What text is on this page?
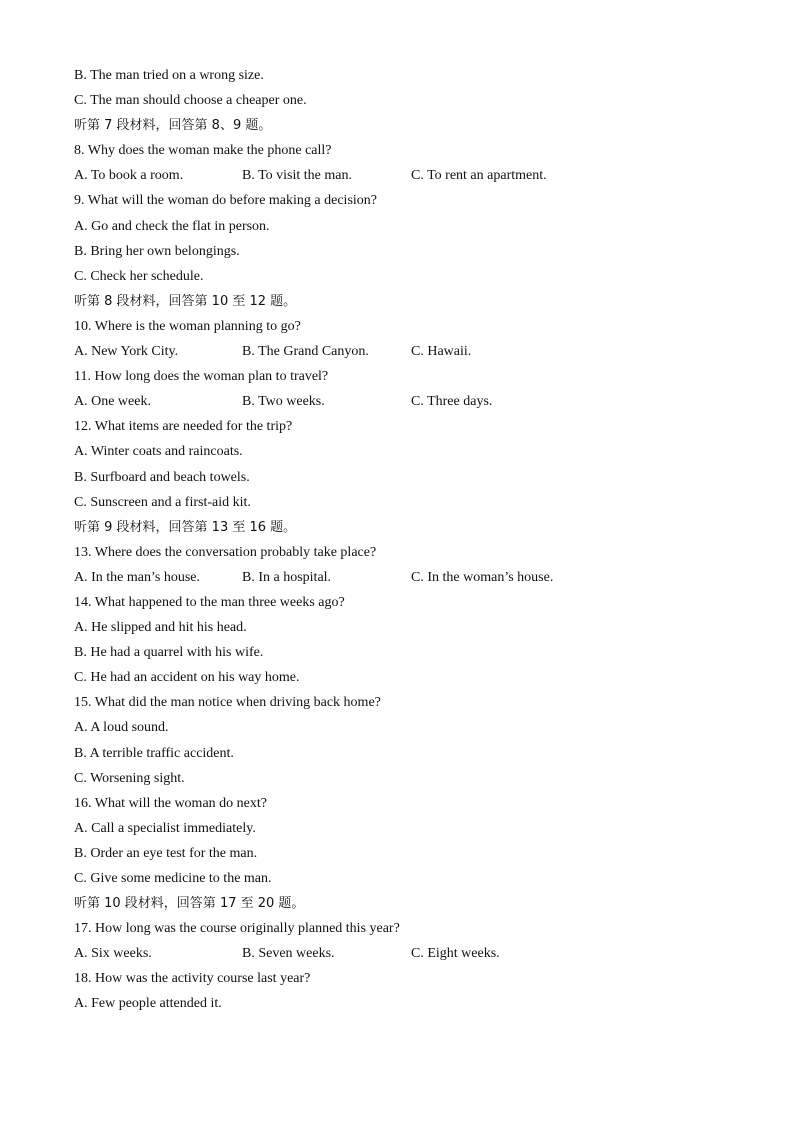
B. The man tried on a wrong size.
C. The man should choose a cheaper one.
听第 7 段材料，回答第 8、9 题。
8. Why does the woman make the phone call?
A. To book a room.	B. To visit the man.	C. To rent an apartment.
9. What will the woman do before making a decision?
A. Go and check the flat in person.
B. Bring her own belongings.
C. Check her schedule.
听第 8 段材料，回答第 10 至 12 题。
10. Where is the woman planning to go?
A. New York City.	B. The Grand Canyon.	C. Hawaii.
11. How long does the woman plan to travel?
A. One week.	B. Two weeks.	C. Three days.
12. What items are needed for the trip?
A. Winter coats and raincoats.
B. Surfboard and beach towels.
C. Sunscreen and a first-aid kit.
听第 9 段材料，回答第 13 至 16 题。
13. Where does the conversation probably take place?
A. In the man’s house.	B. In a hospital.	C. In the woman’s house.
14. What happened to the man three weeks ago?
A. He slipped and hit his head.
B. He had a quarrel with his wife.
C. He had an accident on his way home.
15. What did the man notice when driving back home?
A. A loud sound.
B. A terrible traffic accident.
C. Worsening sight.
16. What will the woman do next?
A. Call a specialist immediately.
B. Order an eye test for the man.
C. Give some medicine to the man.
听第 10 段材料，回答第 17 至 20 题。
17. How long was the course originally planned this year?
A. Six weeks.	B. Seven weeks.	C. Eight weeks.
18. How was the activity course last year?
A. Few people attended it.
